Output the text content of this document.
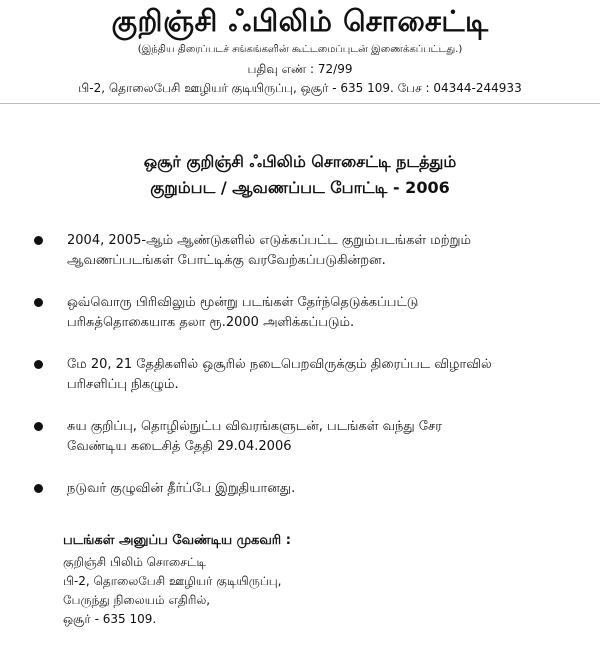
குறிஞ்சி ஃபிலிம் சொசைட்டி
(இந்திய திரைப்படச் சங்கங்களின் கூட்டமைப்புடன் இணைக்கப்பட்டது.)
பதிவு எண் : 72/99
பி-2, தொலைபேசி ஊழியர் குடியிருப்பு, ஒசூர் - 635 109. பேச : 04344-244933
ஒசூர் குறிஞ்சி ஃபிலிம் சொசைட்டி நடத்தும்
குறும்பட / ஆவணப்பட போட்டி - 2006
2004, 2005-ஆம் ஆண்டுகளில் எடுக்கப்பட்ட குறும்படங்கள் மற்றும்
ஆவணப்படங்கள் போட்டிக்கு வரவேற்கப்படுகின்றன.
ஒவ்வொரு பிரிவிலும் மூன்று படங்கள் தேர்ந்தெடுக்கப்பட்டு
பரிசுத்தொகையாக தலா ரூ.2000 அளிக்கப்படும்.
மே 20, 21 தேதிகளில் ஒசூரில் நடைபெறவிருக்கும் திரைப்பட விழாவில்
பரிசளிப்பு நிகழும்.
சுய குறிப்பு, தொழில்நுட்ப விவரங்களுடன், படங்கள் வந்து சேர
வேண்டிய கடைசித் தேதி 29.04.2006
நடுவர் குழுவின் தீர்ப்பே இறுதியானது.
படங்கள் அனுப்ப வேண்டிய முகவரி :
குறிஞ்சி பிலிம் சொசைட்டி
பி-2, தொலைபேசி ஊழியர் குடியிருப்பு,
பேருந்து நிலையம் எதிரில்,
ஒசூர் - 635 109.
